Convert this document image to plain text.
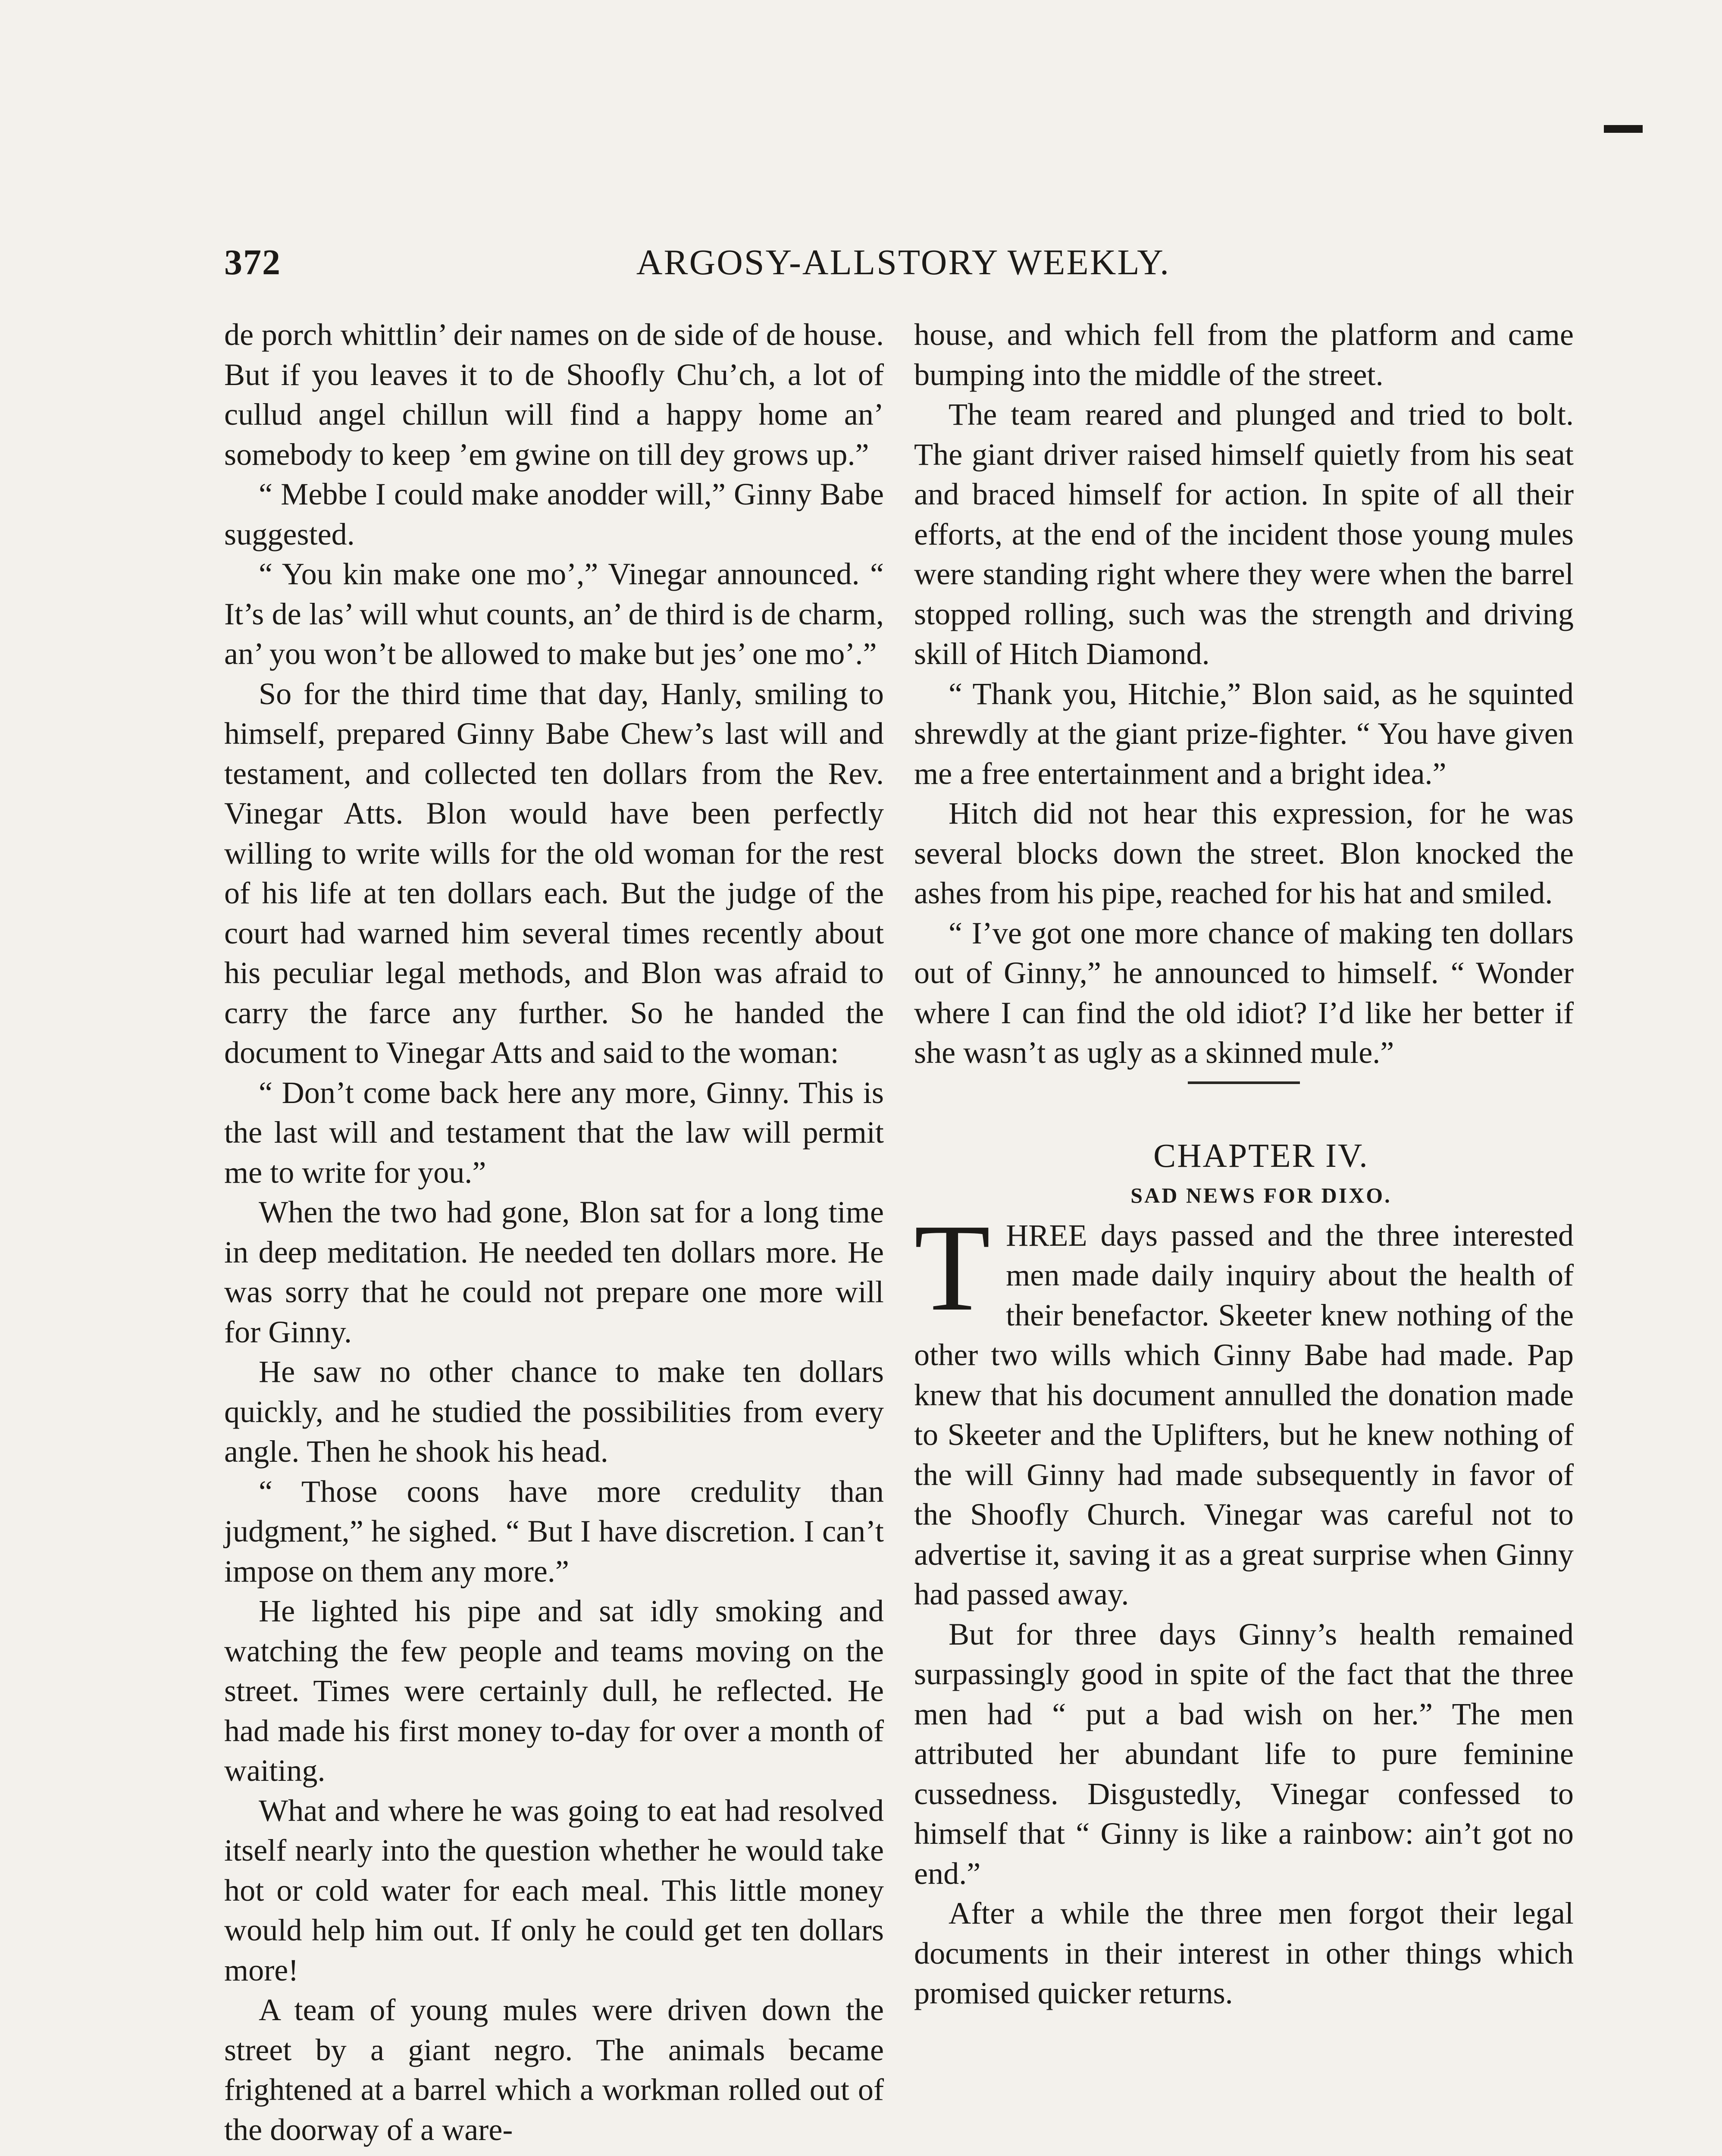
372	ARGOSY-ALLSTORY WEEKLY.

de porch whittlin’ deir names on de side of de house. But if you leaves it to de Shoofly Chu’ch, a lot of cullud angel chillun will find a happy home an’ somebody to keep ’em gwine on till dey grows up.”

“ Mebbe I could make anodder will,” Ginny Babe suggested.

“ You kin make one mo’,” Vinegar announced. “ It’s de las’ will whut counts, an’ de third is de charm, an’ you won’t be allowed to make but jes’ one mo’.”

So for the third time that day, Hanly, smiling to himself, prepared Ginny Babe Chew’s last will and testament, and collected ten dollars from the Rev. Vinegar Atts. Blon would have been perfectly willing to write wills for the old woman for the rest of his life at ten dollars each. But the judge of the court had warned him several times recently about his peculiar legal methods, and Blon was afraid to carry the farce any further. So he handed the document to Vinegar Atts and said to the woman:

“ Don’t come back here any more, Ginny. This is the last will and testament that the law will permit me to write for you.”

When the two had gone, Blon sat for a long time in deep meditation. He needed ten dollars more. He was sorry that he could not prepare one more will for Ginny.

He saw no other chance to make ten dollars quickly, and he studied the possibilities from every angle. Then he shook his head.

“ Those coons have more credulity than judgment,” he sighed. “ But I have discretion. I can’t impose on them any more.”

He lighted his pipe and sat idly smoking and watching the few people and teams moving on the street. Times were certainly dull, he reflected. He had made his first money to-day for over a month of waiting.

What and where he was going to eat had resolved itself nearly into the question whether he would take hot or cold water for each meal. This little money would help him out. If only he could get ten dollars more!

A team of young mules were driven down the street by a giant negro. The animals became frightened at a barrel which a workman rolled out of the doorway of a ware-

house, and which fell from the platform and came bumping into the middle of the street.

The team reared and plunged and tried to bolt. The giant driver raised himself quietly from his seat and braced himself for action. In spite of all their efforts, at the end of the incident those young mules were standing right where they were when the barrel stopped rolling, such was the strength and driving skill of Hitch Diamond.

“ Thank you, Hitchie,” Blon said, as he squinted shrewdly at the giant prize-fighter. “ You have given me a free entertainment and a bright idea.”

Hitch did not hear this expression, for he was several blocks down the street. Blon knocked the ashes from his pipe, reached for his hat and smiled.

“ I’ve got one more chance of making ten dollars out of Ginny,” he announced to himself. “ Wonder where I can find the old idiot? I’d like her better if she wasn’t as ugly as a skinned mule.”

CHAPTER IV.

SAD NEWS FOR DIXO.

THREE days passed and the three interested men made daily inquiry about the health of their benefactor. Skeeter knew nothing of the other two wills which Ginny Babe had made. Pap knew that his document annulled the donation made to Skeeter and the Uplifters, but he knew nothing of the will Ginny had made subsequently in favor of the Shoofly Church. Vinegar was careful not to advertise it, saving it as a great surprise when Ginny had passed away.

But for three days Ginny’s health remained surpassingly good in spite of the fact that the three men had “ put a bad wish on her.” The men attributed her abundant life to pure feminine cussedness. Disgustedly, Vinegar confessed to himself that “ Ginny is like a rainbow: ain’t got no end.”

After a while the three men forgot their legal documents in their interest in other things which promised quicker returns.
